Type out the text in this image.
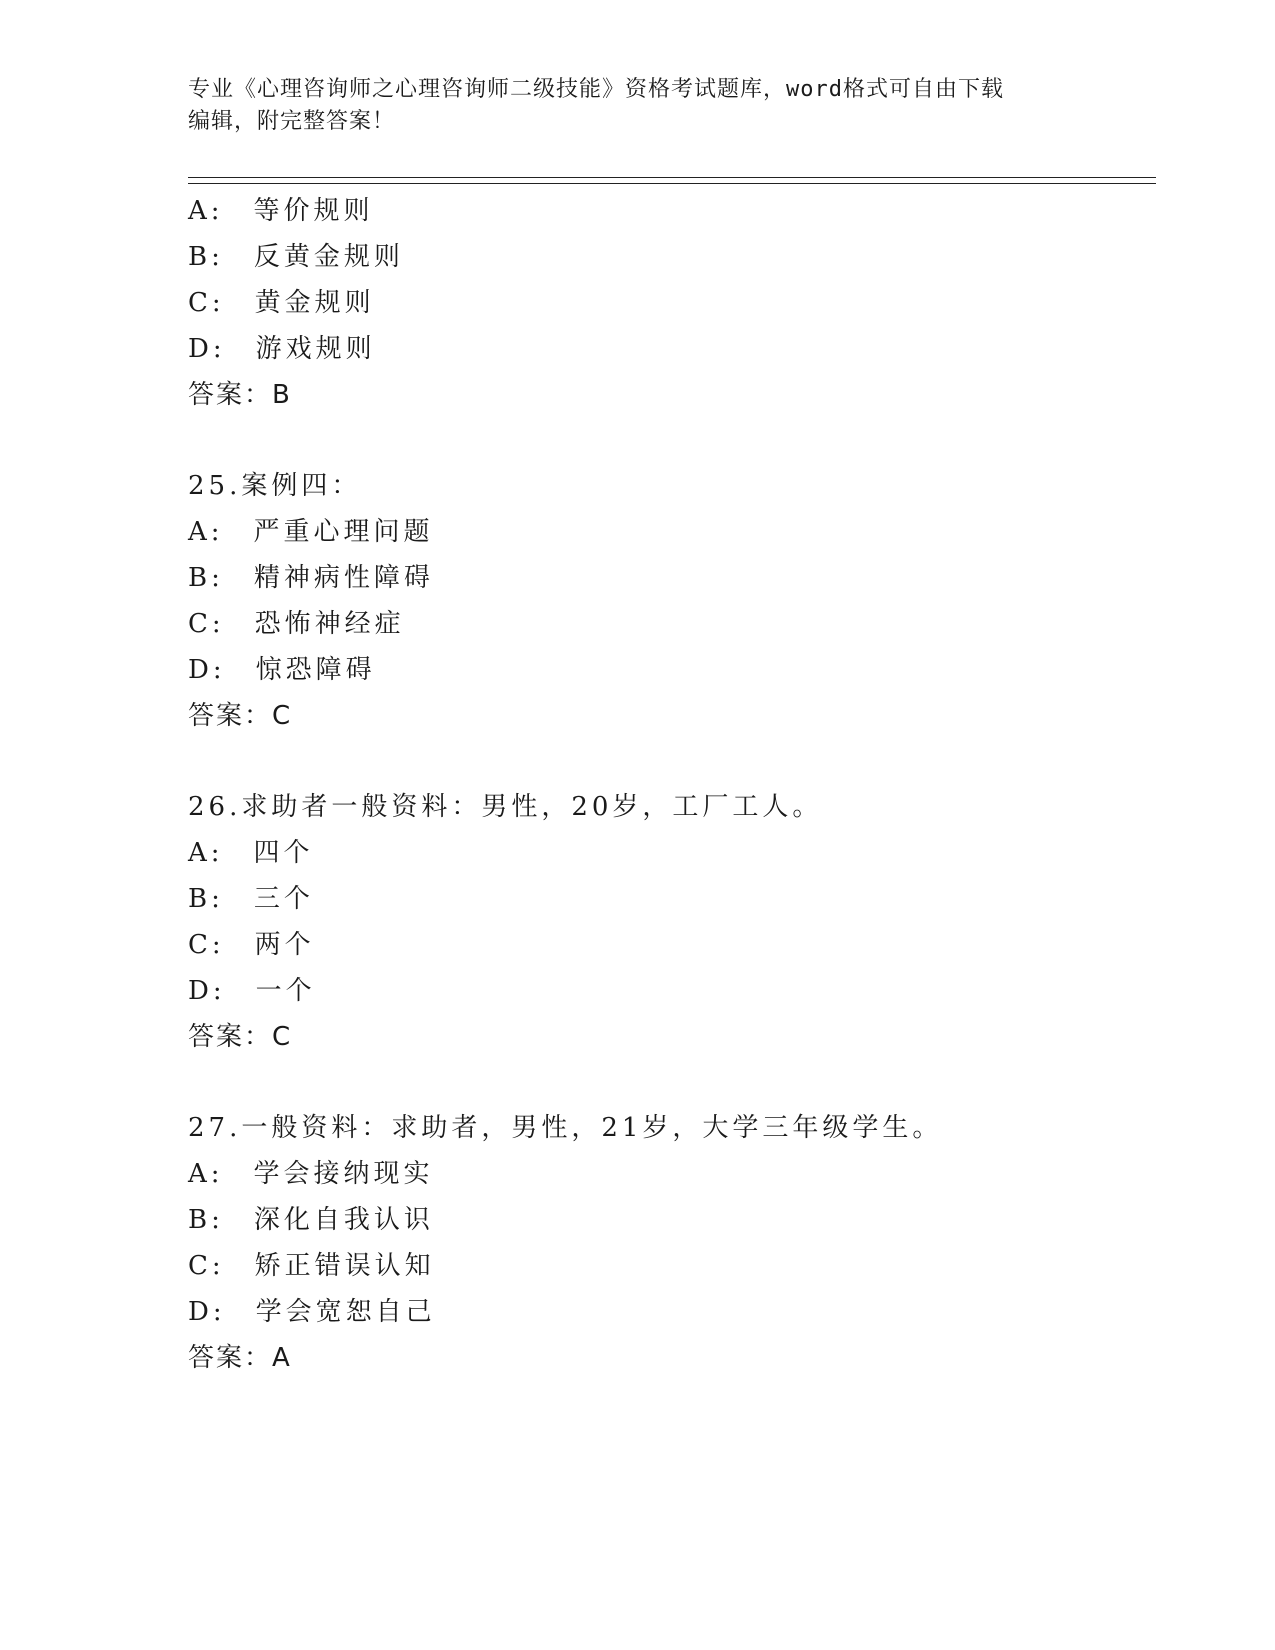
专业《心理咨询师之心理咨询师二级技能》资格考试题库，word格式可自由下载
编辑，附完整答案！
A:　等价规则
B:　反黄金规则
C:　黄金规则
D:　游戏规则
答案：B
25.案例四：
A:　严重心理问题
B:　精神病性障碍
C:　恐怖神经症
D:　惊恐障碍
答案：C
26.求助者一般资料：男性，20岁，工厂工人。
A:　四个
B:　三个
C:　两个
D:　一个
答案：C
27.一般资料：求助者，男性，21岁，大学三年级学生。
A:　学会接纳现实
B:　深化自我认识
C:　矫正错误认知
D:　学会宽恕自己
答案：A
